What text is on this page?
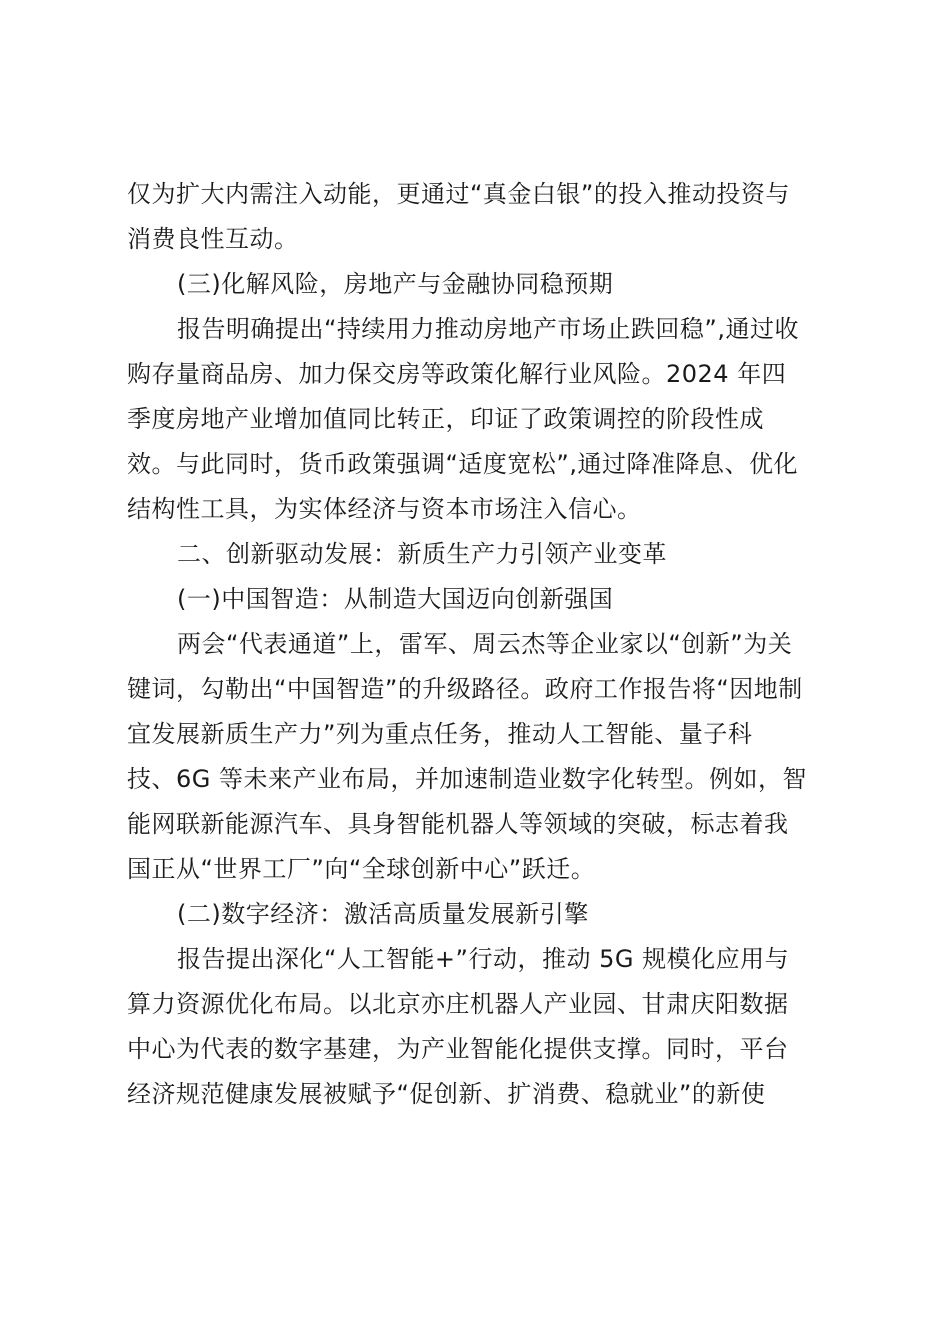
仅为扩大内需注入动能，更通过“真金白银”的投入推动投资与
消费良性互动。
(三)化解风险，房地产与金融协同稳预期
报告明确提出“持续用力推动房地产市场止跌回稳”,通过收
购存量商品房、加力保交房等政策化解行业风险。2024 年四
季度房地产业增加值同比转正，印证了政策调控的阶段性成
效。与此同时，货币政策强调“适度宽松”,通过降准降息、优化
结构性工具，为实体经济与资本市场注入信心。
二、创新驱动发展：新质生产力引领产业变革
(一)中国智造：从制造大国迈向创新强国
两会“代表通道”上，雷军、周云杰等企业家以“创新”为关
键词，勾勒出“中国智造”的升级路径。政府工作报告将“因地制
宜发展新质生产力”列为重点任务，推动人工智能、量子科
技、6G 等未来产业布局，并加速制造业数字化转型。例如，智
能网联新能源汽车、具身智能机器人等领域的突破，标志着我
国正从“世界工厂”向“全球创新中心”跃迁。
(二)数字经济：激活高质量发展新引擎
报告提出深化“人工智能+”行动，推动 5G 规模化应用与
算力资源优化布局。以北京亦庄机器人产业园、甘肃庆阳数据
中心为代表的数字基建，为产业智能化提供支撑。同时，平台
经济规范健康发展被赋予“促创新、扩消费、稳就业”的新使
